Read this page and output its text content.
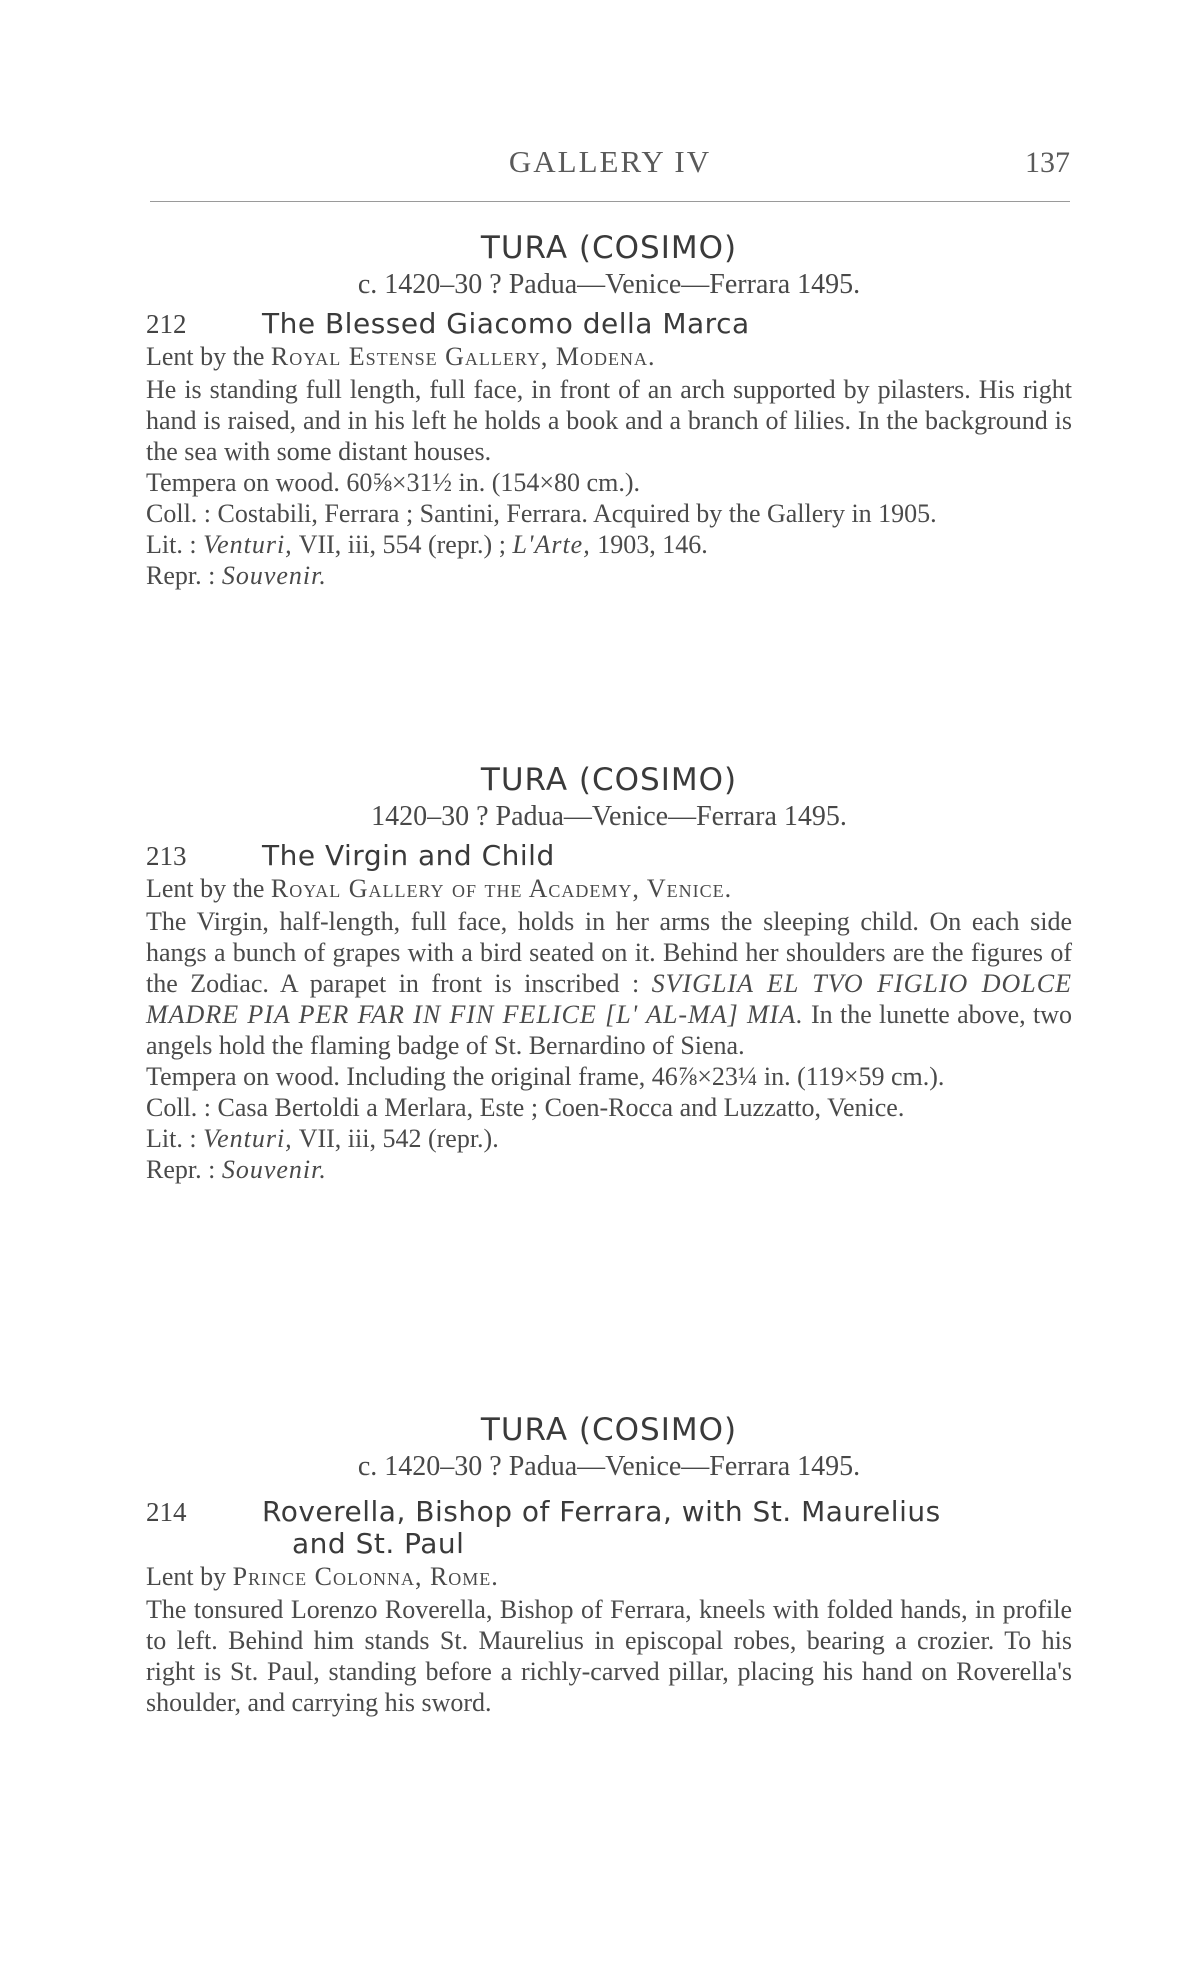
GALLERY IV	137

TURA (COSIMO)

c. 1420–30 ? Padua—Venice—Ferrara 1495.

212	The Blessed Giacomo della Marca

Lent by the Royal Estense Gallery, Modena.

He is standing full length, full face, in front of an arch supported by pilasters. His right hand is raised, and in his left he holds a book and a branch of lilies. In the background is the sea with some distant houses.

Tempera on wood. 60⅝×31½ in. (154×80 cm.).

Coll. : Costabili, Ferrara ; Santini, Ferrara. Acquired by the Gallery in 1905.

Lit. : Venturi, VII, iii, 554 (repr.) ; L'Arte, 1903, 146.

Repr. : Souvenir.

TURA (COSIMO)

1420–30 ? Padua—Venice—Ferrara 1495.

213	The Virgin and Child

Lent by the Royal Gallery of the Academy, Venice.

The Virgin, half-length, full face, holds in her arms the sleeping child. On each side hangs a bunch of grapes with a bird seated on it. Behind her shoulders are the figures of the Zodiac. A parapet in front is inscribed : SVIGLIA EL TVO FIGLIO DOLCE MADRE PIA PER FAR IN FIN FELICE [L' AL-MA] MIA. In the lunette above, two angels hold the flaming badge of St. Bernardino of Siena.

Tempera on wood. Including the original frame, 46⅞×23¼ in. (119×59 cm.).

Coll. : Casa Bertoldi a Merlara, Este ; Coen-Rocca and Luzzatto, Venice.

Lit. : Venturi, VII, iii, 542 (repr.).

Repr. : Souvenir.

TURA (COSIMO)

c. 1420–30 ? Padua—Venice—Ferrara 1495.

214	Roverella, Bishop of Ferrara, with St. Maurelius
and St. Paul

Lent by Prince Colonna, Rome.

The tonsured Lorenzo Roverella, Bishop of Ferrara, kneels with folded hands, in profile to left. Behind him stands St. Maurelius in episcopal robes, bearing a crozier. To his right is St. Paul, standing before a richly-carved pillar, placing his hand on Roverella's shoulder, and carrying his sword.
